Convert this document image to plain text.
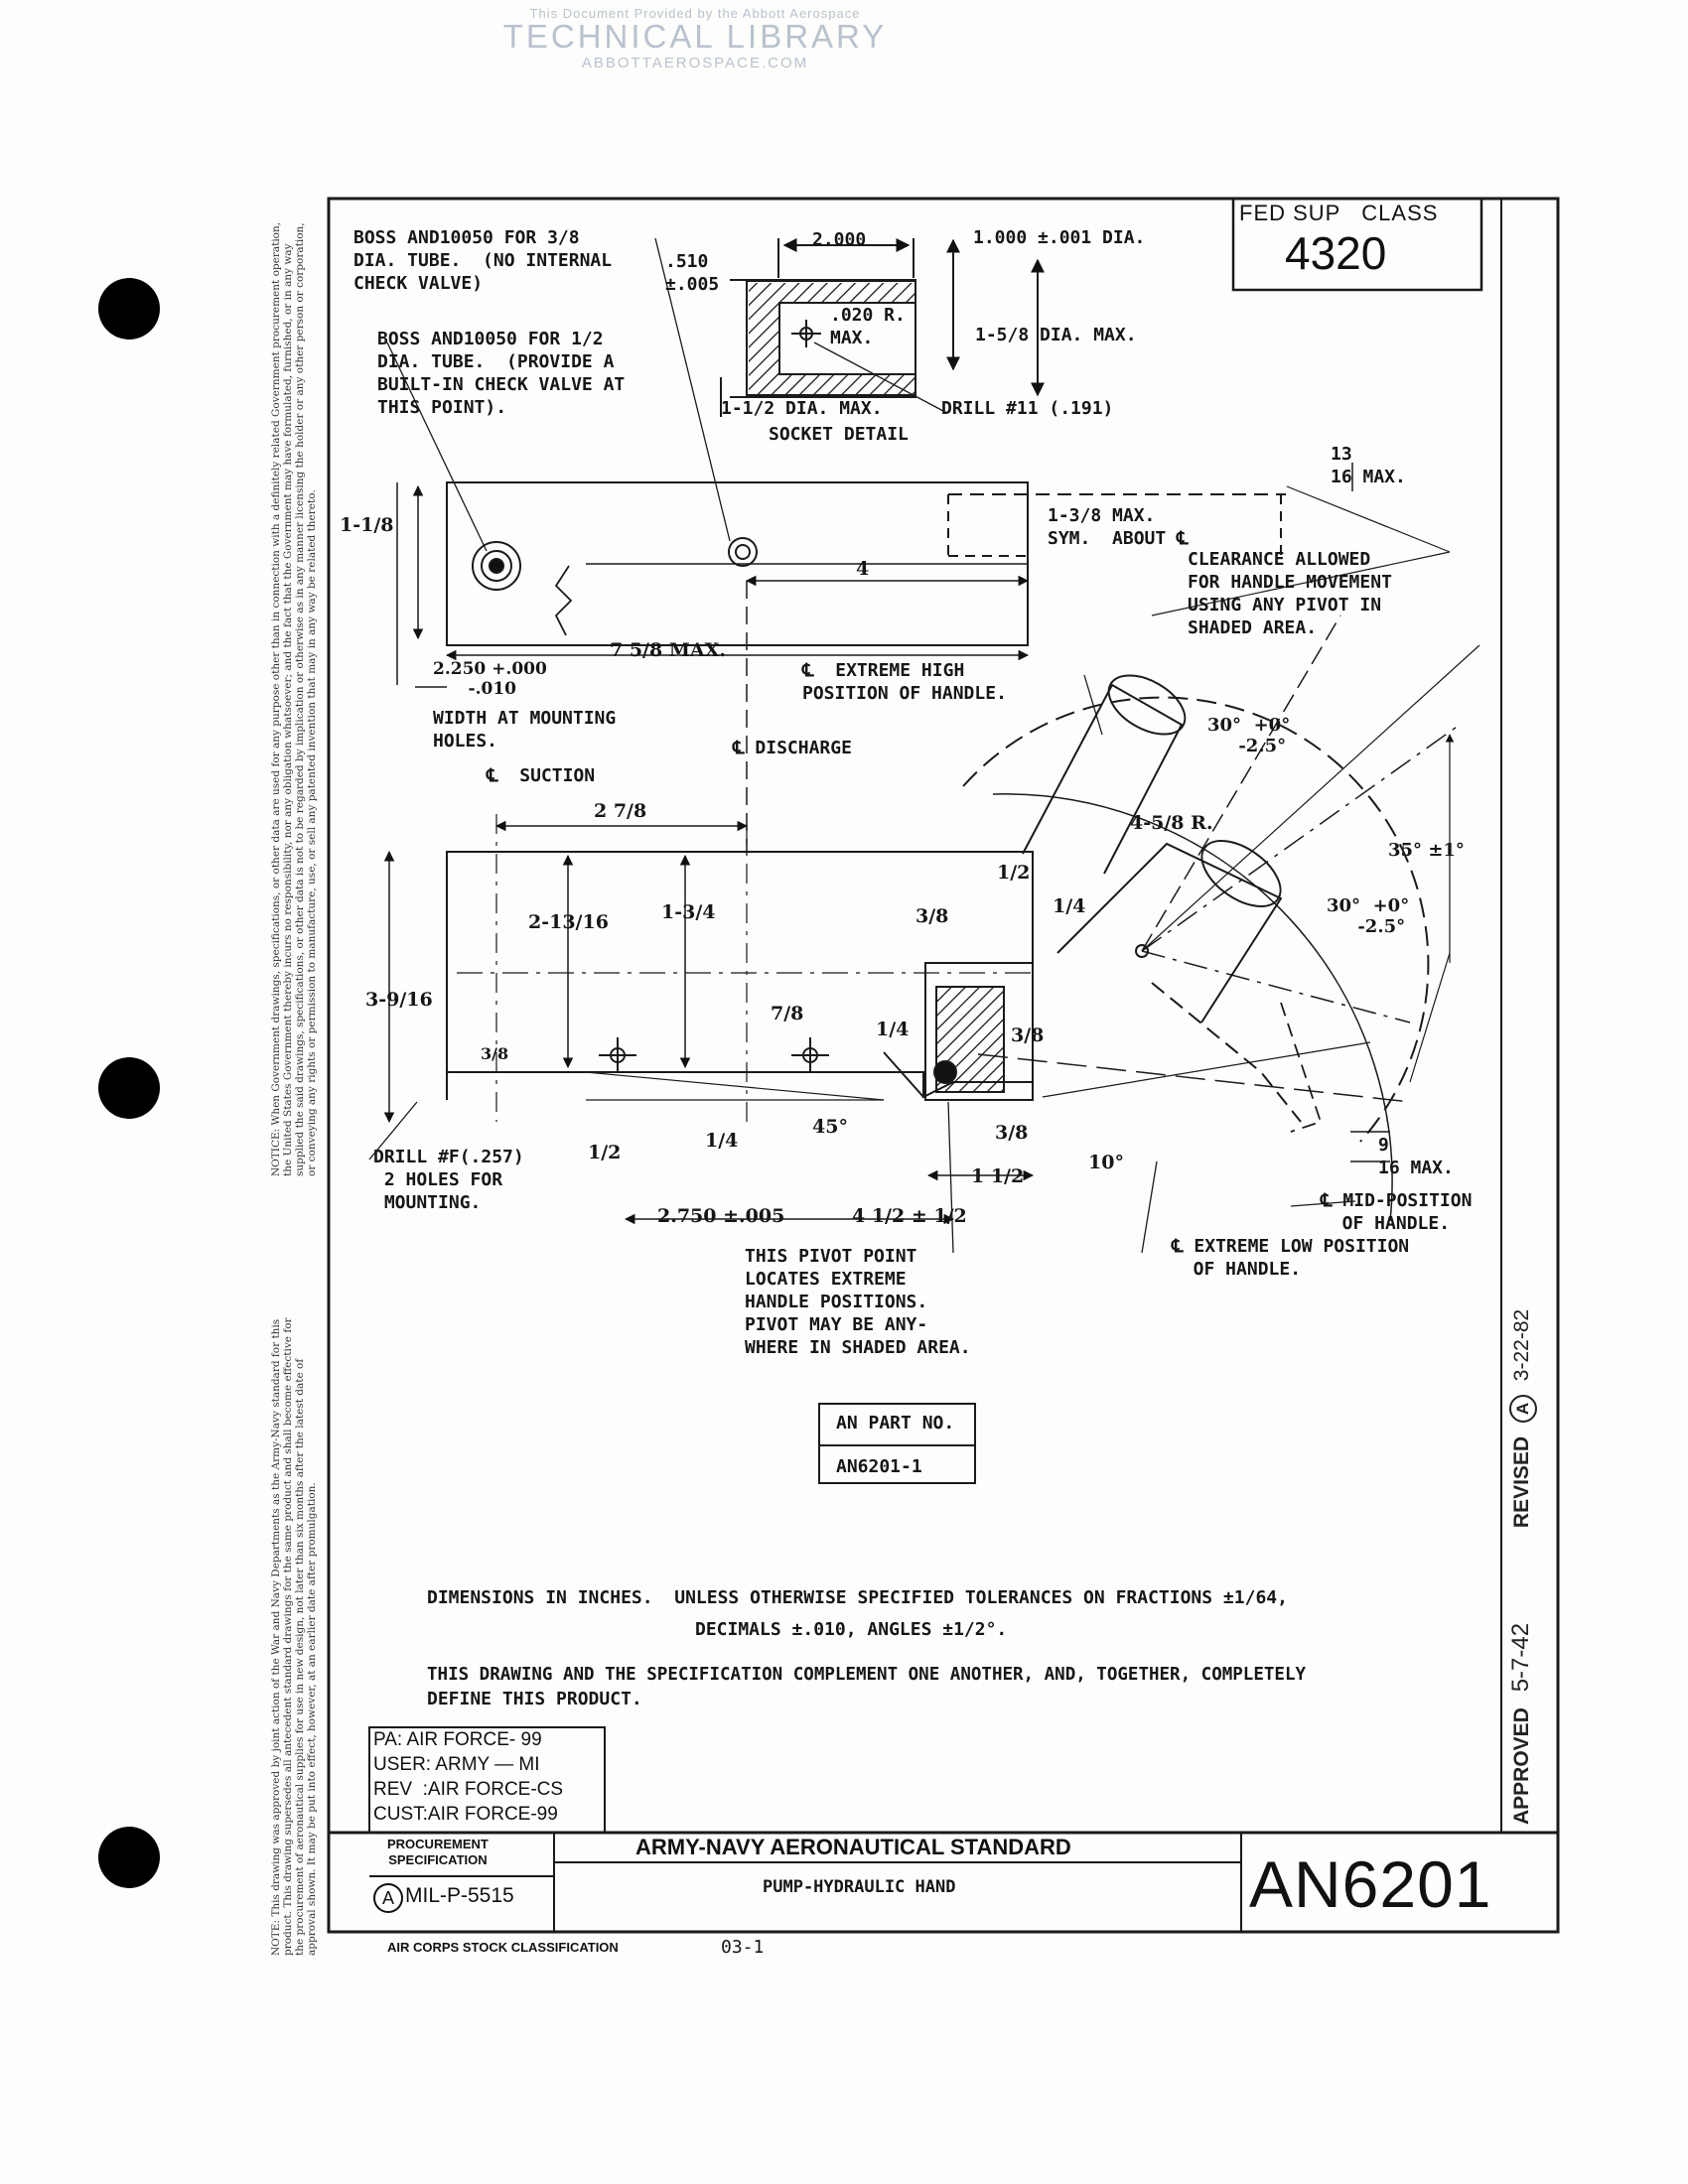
This Document Provided by the Abbott Aerospace
TECHNICAL LIBRARY
ABBOTTAEROSPACE.COM
NOTICE: When Government drawings, specifications, or other data are used for any purpose other than in connection with a definitely related Government procurement operation, the United States Government thereby incurs no responsibility, nor any obligation whatsoever; and the fact that the Government may have formulated, furnished, or in any way supplied the said drawings, specifications, or other data is not to be regarded by implication or otherwise as in any manner licensing the holder or any other person or corporation, or conveying any rights or permission to manufacture, use, or sell any patented invention that may in any way be related thereto.
NOTE: This drawing was approved by joint action of the War and Navy Departments as the Army-Navy standard for this product. This drawing supersedes all antecedent standard drawings for the same product and shall become effective for the procurement of aeronautical supplies for use in new design, not later than six months after the latest date of approval shown. It may be put into effect, however, at an earlier date after promulgation.
FED SUP   CLASS
4320
BOSS AND10050 FOR 3/8
DIA. TUBE.  (NO INTERNAL
CHECK VALVE)
BOSS AND10050 FOR 1/2
DIA. TUBE.  (PROVIDE A
BUILT-IN CHECK VALVE AT
THIS POINT).
.510
±.005
2.000	1.000 ±.001 DIA.
.020 R.
MAX.	1-5/8 DIA. MAX.
1-1/2 DIA. MAX.	DRILL #11 (.191)
SOCKET DETAIL
13
16 MAX.
1-3/8 MAX.
SYM.  ABOUT ℄
CLEARANCE ALLOWED
FOR HANDLE MOVEMENT
USING ANY PIVOT IN
SHADED AREA.
WIDTH AT MOUNTING
HOLES.
℄  EXTREME HIGH
POSITION OF HANDLE.
℄ DISCHARGE
℄  SUCTION
DRILL #F(.257)
2 HOLES FOR
MOUNTING.
THIS PIVOT POINT
LOCATES EXTREME
HANDLE POSITIONS.
PIVOT MAY BE ANY-
WHERE IN SHADED AREA.
℄ MID-POSITION
OF HANDLE.
℄ EXTREME LOW POSITION
OF HANDLE.
9
16 MAX.
1-1/8
4
7 5/8 MAX.
2.250 +.000
-.010
2 7/8
2-13/16	1-3/4
3-9/16
3/8
7/8
1/4
1/2
3/8
3/8
3/8
1/4
1/2
1/4
2.750 ±.005	4 1/2 ± 1/2
1 1/2
45°
10°
4-5/8 R.
30°  +0°
-2.5°
35° ±1°
30°  +0°
-2.5°
AN PART NO.
AN6201-1
DIMENSIONS IN INCHES.  UNLESS OTHERWISE SPECIFIED TOLERANCES ON FRACTIONS ±1/64,
DECIMALS ±.010, ANGLES ±1/2°.
THIS DRAWING AND THE SPECIFICATION COMPLEMENT ONE ANOTHER, AND, TOGETHER, COMPLETELY
DEFINE THIS PRODUCT.
PA: AIR FORCE- 99
USER: ARMY — MI
REV  :AIR FORCE-CS
CUST:AIR FORCE-99
PROCUREMENT
SPECIFICATION
A MIL-P-5515
ARMY-NAVY AERONAUTICAL STANDARD
PUMP-HYDRAULIC HAND	AN6201
AIR CORPS STOCK CLASSIFICATION	03-1
APPROVED 5-7-42 REVISED A 3-22-82
